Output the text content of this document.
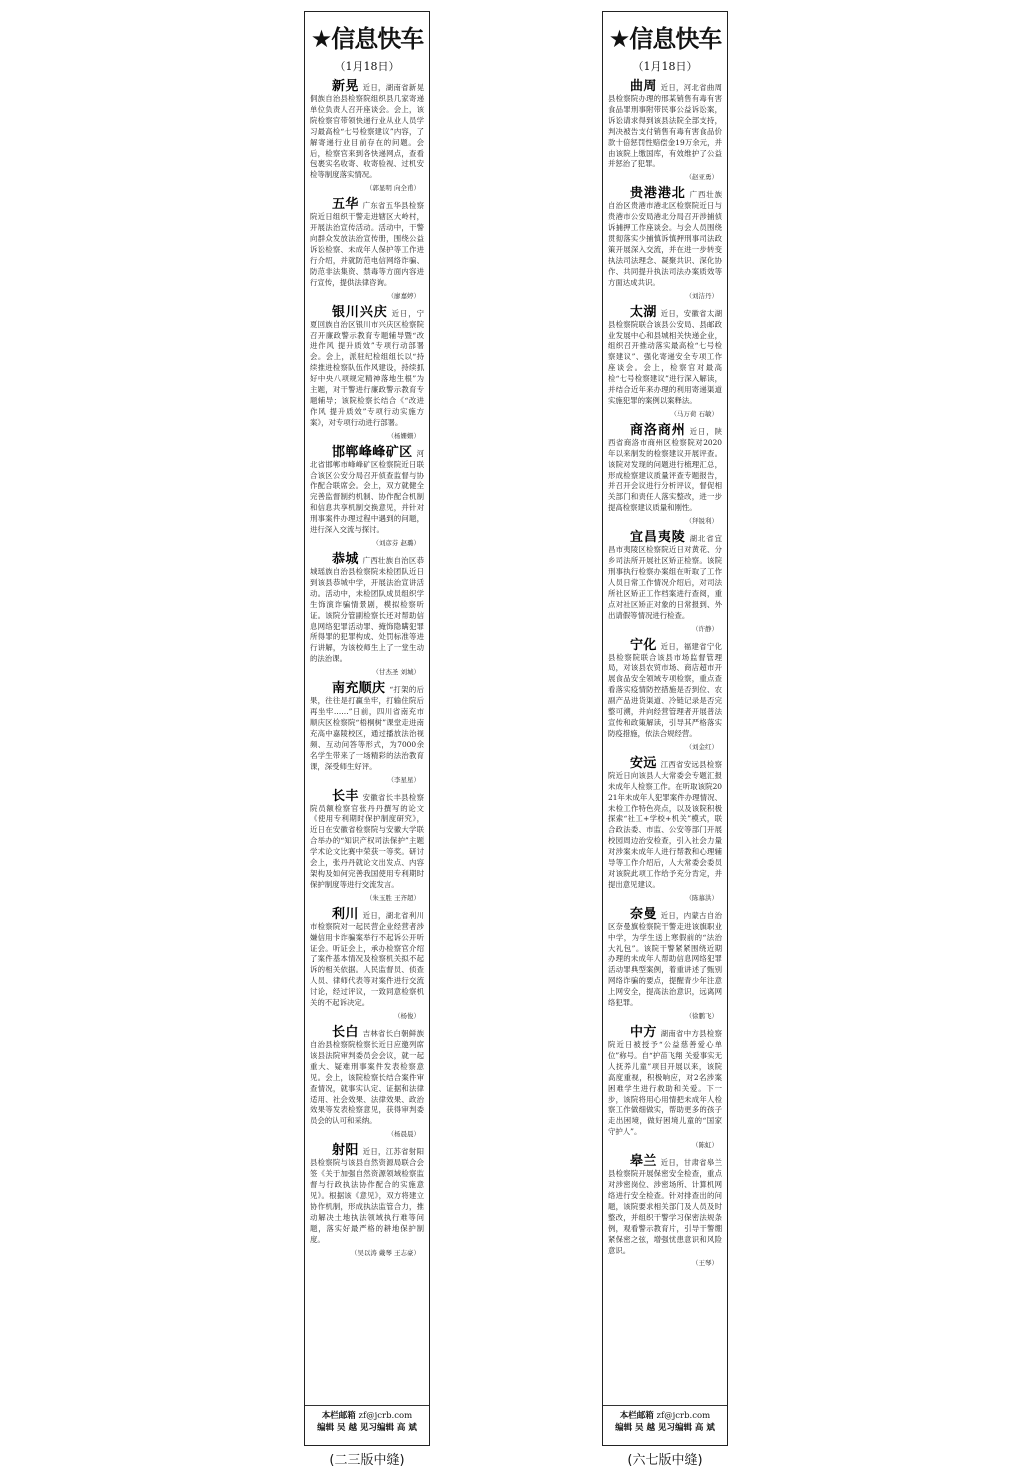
★信息快车
（1月18日）
新晃 近日，湖南省新晃侗族自治县检察院组织县几家寄递单位负责人召开座谈会。会上，该院检察官带领快递行业从业人员学习最高检“七号检察建议”内容，了解寄递行业目前存在的问题。会后，检察官来到各快递网点，查看包裹实名收寄、收寄验视、过机安检等制度落实情况。
（郭显明 向全甫）
五华 广东省五华县检察院近日组织干警走进辖区大岭村，开展法治宣传活动。活动中，干警向群众发放法治宣传册，围绕公益诉讼检察、未成年人保护等工作进行介绍，并就防范电信网络诈骗、防范非法集资、禁毒等方面内容进行宣传，提供法律咨询。
（廖嘉婷）
银川兴庆 近日，宁夏回族自治区银川市兴庆区检察院召开廉政警示教育专题辅导暨“改进作风 提升质效”专项行动部署会。会上，派驻纪检组组长以“持续推进检察队伍作风建设，持续抓好中央八项规定精神落地生根”为主题，对干警进行廉政警示教育专题辅导；该院检察长结合《“改进作风 提升质效”专项行动实施方案》，对专项行动进行部署。
（杨姗姗）
邯郸峰峰矿区 河北省邯郸市峰峰矿区检察院近日联合该区公安分局召开侦查监督与协作配合联席会。会上，双方就健全完善监督制约机制、协作配合机制和信息共享机制交换意见，并针对刑事案件办理过程中遇到的问题，进行深入交流与探讨。
（刘彦芬 赵璐）
恭城 广西壮族自治区恭城瑶族自治县检察院未检团队近日到该县恭城中学，开展法治宣讲活动。活动中，未检团队成员组织学生饰演诈骗情景剧，模拟检察听证。该院分管副检察长还对帮助信息网络犯罪活动罪、掩饰隐瞒犯罪所得罪的犯罪构成、处罚标准等进行讲解，为该校师生上了一堂生动的法治课。
（甘杰圣 刘城）
南充顺庆 “打架的后果，往往是打赢坐牢，打输住院后再坐牢……”日前，四川省南充市顺庆区检察院“梧桐树”课堂走进南充高中嘉陵校区，通过播放法治视频、互动问答等形式，为7000余名学生带来了一场精彩的法治教育课，深受师生好评。
（李星星）
长丰 安徽省长丰县检察院员额检察官张丹丹撰写的论文《使用专利期时保护制度研究》，近日在安徽省检察院与安徽大学联合举办的“知识产权司法保护”主题学术论文比赛中荣获一等奖。研讨会上，张丹丹就论文出发点、内容架构及如何完善我国使用专利期时保护制度等进行交流发言。
（朱玉胜 王齐超）
利川 近日，湖北省利川市检察院对一起民营企业经营者涉嫌信用卡诈骗案举行不起诉公开听证会。听证会上，承办检察官介绍了案件基本情况及检察机关拟不起诉的相关依据。人民监督员、侦查人员、律师代表等对案件进行交流讨论，经过评议，一致同意检察机关的不起诉决定。
（杨俊）
长白 吉林省长白朝鲜族自治县检察院检察长近日应邀列席该县法院审判委员会会议，就一起重大、疑难刑事案件发表检察意见。会上，该院检察长结合案件审查情况，就事实认定、证据和法律适用、社会效果、法律效果、政治效果等发表检察意见，获得审判委员会的认可和采纳。
（杨晨晨）
射阳 近日，江苏省射阳县检察院与该县自然资源局联合会签《关于加强自然资源领域检察监督与行政执法协作配合的实施意见》。根据该《意见》，双方将建立协作机制，形成执法监管合力，推动解决土地执法领域执行难等问题，落实好最严格的耕地保护制度。
（吴以涛 戴琴 王志豪）
本栏邮箱 zf@jcrb.com
编辑 吴 越 见习编辑 高 斌
(二三版中缝)
★信息快车
（1月18日）
曲周 近日，河北省曲周县检察院办理的邢某销售有毒有害食品罪刑事附带民事公益诉讼案，诉讼请求得到该县法院全部支持，判决被告支付销售有毒有害食品价款十倍惩罚性赔偿金19万余元，并由该院上缴国库，有效维护了公益并惩治了犯罪。
（赵亚勇）
贵港港北 广西壮族自治区贵港市港北区检察院近日与贵港市公安局港北分局召开涉捕侦诉捕押工作座谈会。与会人员围绕贯彻落实少捕慎诉慎押刑事司法政策开展深入交流，并在进一步转变执法司法理念、凝聚共识、深化协作、共同提升执法司法办案质效等方面达成共识。
（刘洁丹）
太湖 近日，安徽省太湖县检察院联合该县公安局、县邮政业发展中心和县城相关快递企业，组织召开推动落实最高检“七号检察建议”、强化寄递安全专项工作座谈会。会上，检察官对最高检“七号检察建议”进行深入解读，并结合近年来办理的利用寄递渠道实施犯罪的案例以案释法。
（马万荷 石敏）
商洛商州 近日，陕西省商洛市商州区检察院对2020年以来制发的检察建议开展评查。该院对发现的问题进行梳理汇总，形成检察建议质量评查专题报告，并召开会议进行分析评议，督促相关部门和责任人落实整改，进一步提高检察建议质量和刚性。
（拜锐利）
宜昌夷陵 湖北省宜昌市夷陵区检察院近日对黄花、分乡司法所开展社区矫正检察。该院刑事执行检察办案组在听取了工作人员日常工作情况介绍后，对司法所社区矫正工作档案进行查阅，重点对社区矫正对象的日常报到、外出请假等情况进行检查。
（许静）
宁化 近日，福建省宁化县检察院联合该县市场监督管理局，对该县农贸市场、商店超市开展食品安全领域专项检察，重点查看落实疫情防控措施是否到位、农副产品进货渠道、冷链记录是否完整可溯，并向经营管理者开展普法宣传和政策解读，引导其严格落实防疫措施，依法合规经营。
（刘金红）
安远 江西省安远县检察院近日向该县人大常委会专题汇报未成年人检察工作。在听取该院2021年未成年人犯罪案件办理情况、未检工作特色亮点，以及该院积极探索“社工+学校+机关”模式，联合政法委、市监、公安等部门开展校园周边治安检查，引入社会力量对涉案未成年人进行帮教和心理辅导等工作介绍后，人大常委会委员对该院此项工作给予充分肯定，并提出意见建议。
（陈慕洪）
奈曼 近日，内蒙古自治区奈曼旗检察院干警走进该旗职业中学，为学生送上寒假前的“法治大礼包”。该院干警紧紧围绕近期办理的未成年人帮助信息网络犯罪活动罪典型案例，着重讲述了甄别网络诈骗的要点，提醒青少年注意上网安全，提高法治意识，远离网络犯罪。
（徐鹏飞）
中方 湖南省中方县检察院近日被授予“公益慈善爱心单位”称号。自“护苗飞翔 关爱事实无人抚养儿童”项目开展以来，该院高度重视，积极响应，对2名涉案困难学生进行救助和关爱。下一步，该院将用心用情把未成年人检察工作做细做实，帮助更多的孩子走出困境，做好困境儿童的“国家守护人”。
（陈虹）
皋兰 近日，甘肃省皋兰县检察院开展保密安全检查，重点对涉密岗位、涉密场所、计算机网络进行安全检查。针对排查出的问题，该院要求相关部门及人员及时整改，并组织干警学习保密法规条例，观看警示教育片，引导干警绷紧保密之弦，增强忧患意识和风险意识。
（王琴）
本栏邮箱 zf@jcrb.com
编辑 吴 越 见习编辑 高 斌
(六七版中缝)
